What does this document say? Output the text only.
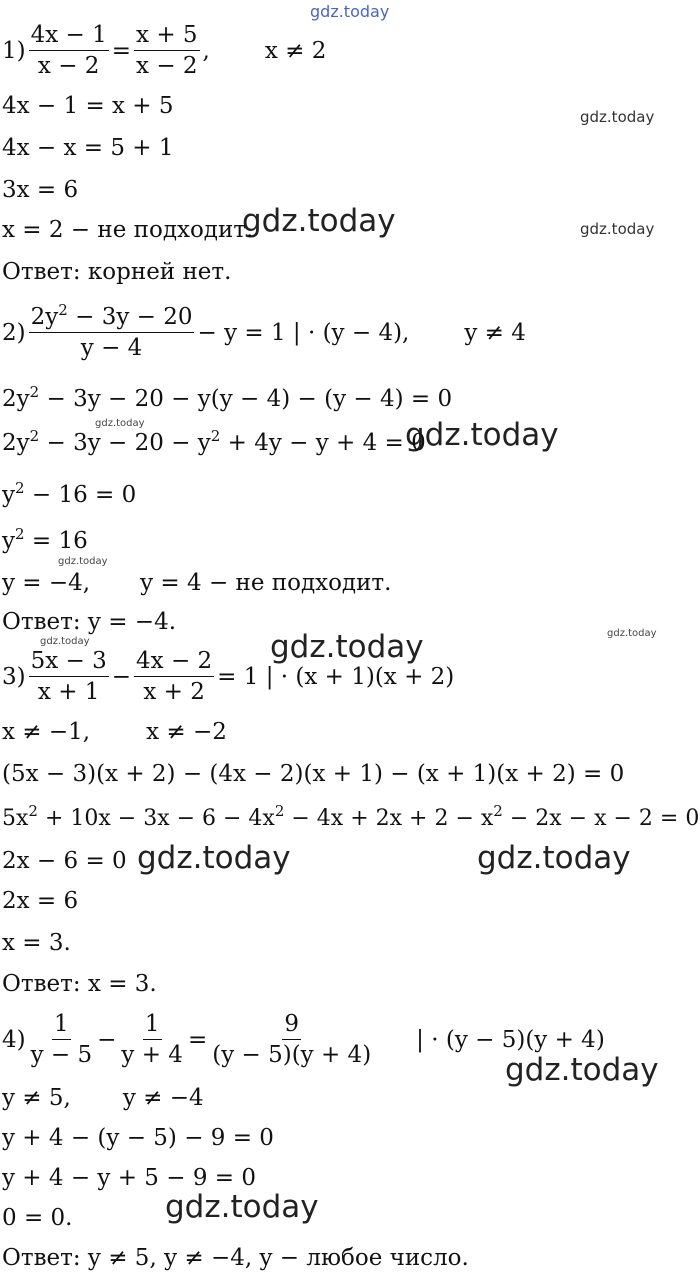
gdz.today
gdz.today
gdz.today	gdz.today
gdz.today	gdz.today
gdz.today
gdz.today
gdz.today	gdz.today
gdz.today	gdz.today
gdz.today
gdz.today
$1) \frac{4x - 1}{x - 2} = \frac{x + 5}{x - 2}$ , x ≠ 2
4x − 1 = x + 5
4x − x = 5 + 1
3x = 6
x = 2 − не подходит.
Ответ: корней нет.
$2) \frac{2y^2 - 3y - 20}{y - 4} - y = 1$ | · (y − 4), y ≠ 4
$2y^2 - 3y - 20 - y(y - 4) - (y - 4) = 0$
$2y^2 - 3y - 20 - y^2 + 4y - y + 4 = 0$
$y^2 - 16 = 0$
$y^2 = 16$
y = −4, y = 4 − не подходит.
Ответ: y = −4.
$3) \frac{5x - 3}{x + 1} - \frac{4x - 2}{x + 2} = 1$ | · (x + 1)(x + 2)
x ≠ −1, x ≠ −2
(5x − 3)(x + 2) − (4x − 2)(x + 1) − (x + 1)(x + 2) = 0
$5x^2 + 10x - 3x - 6 - 4x^2 - 4x + 2x + 2 - x^2 - 2x - x - 2 = 0$
2x − 6 = 0
2x = 6
x = 3.
Ответ: x = 3.
$4) \frac{1}{y - 5} - \frac{1}{y + 4} = \frac{9}{(y - 5)(y + 4)}$ | · (y − 5)(y + 4)
y ≠ 5, y ≠ −4
y + 4 − (y − 5) − 9 = 0
y + 4 − y + 5 − 9 = 0
0 = 0.
Ответ: y ≠ 5, y ≠ −4, y − любое число.
